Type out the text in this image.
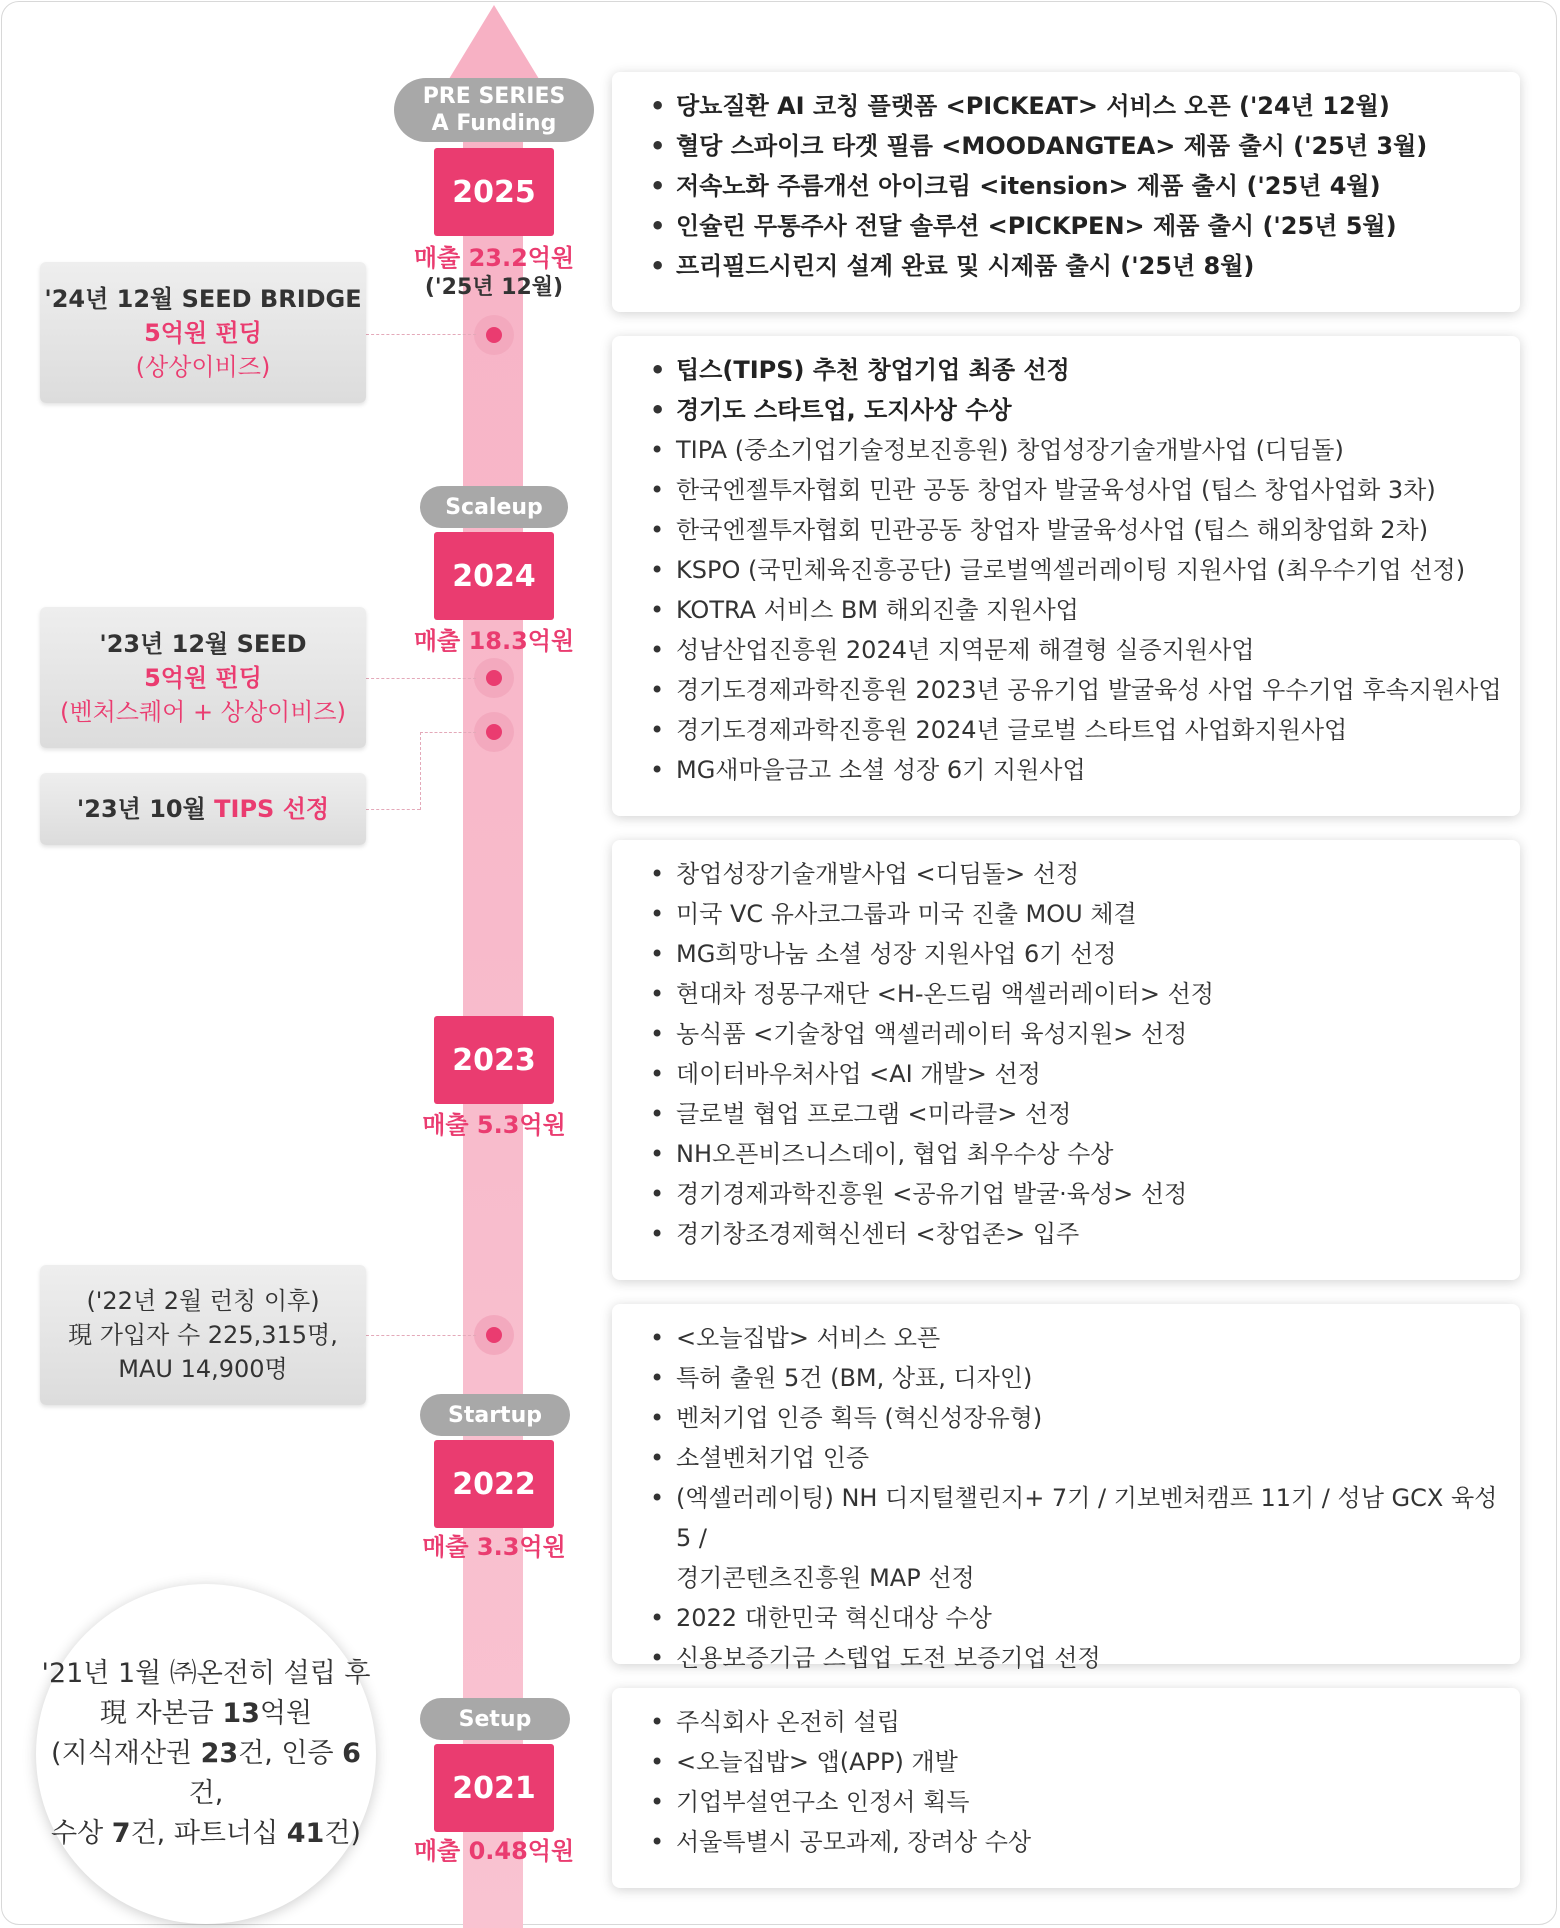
PRE SERIES
A Funding
Scaleup
Startup
Setup
2025
매출 23.2억원
('25년 12월)
2024
매출 18.3억원
2023
매출 5.3억원
2022
매출 3.3억원
2021
매출 0.48억원
'24년 12월 SEED BRIDGE
5억원 펀딩
(상상이비즈)
'23년 12월 SEED
5억원 펀딩
(벤처스퀘어 + 상상이비즈)
'23년 10월 TIPS 선정
('22년 2월 런칭 이후)
現 가입자 수 225,315명,
MAU 14,900명
'21년 1월 ㈜온전히 설립 후
現 자본금 13억원
(지식재산권 23건, 인증 6건,
수상 7건, 파트너십 41건)
• 당뇨질환 AI 코칭 플랫폼 <PICKEAT> 서비스 오픈 ('24년 12월)
• 혈당 스파이크 타겟 필름 <MOODANGTEA> 제품 출시 ('25년 3월)
• 저속노화 주름개선 아이크림 <itension> 제품 출시 ('25년 4월)
• 인슐린 무통주사 전달 솔루션 <PICKPEN> 제품 출시 ('25년 5월)
• 프리필드시린지 설계 완료 및 시제품 출시 ('25년 8월)
• 팁스(TIPS) 추천 창업기업 최종 선정
• 경기도 스타트업, 도지사상 수상
• TIPA (중소기업기술정보진흥원) 창업성장기술개발사업 (디딤돌)
• 한국엔젤투자협회 민관 공동 창업자 발굴육성사업 (팁스 창업사업화 3차)
• 한국엔젤투자협회 민관공동 창업자 발굴육성사업 (팁스 해외창업화 2차)
• KSPO (국민체육진흥공단) 글로벌엑셀러레이팅 지원사업 (최우수기업 선정)
• KOTRA 서비스 BM 해외진출 지원사업
• 성남산업진흥원 2024년 지역문제 해결형 실증지원사업
• 경기도경제과학진흥원 2023년 공유기업 발굴육성 사업 우수기업 후속지원사업
• 경기도경제과학진흥원 2024년 글로벌 스타트업 사업화지원사업
• MG새마을금고 소셜 성장 6기 지원사업
• 창업성장기술개발사업 <디딤돌> 선정
• 미국 VC 유사코그룹과 미국 진출 MOU 체결
• MG희망나눔 소셜 성장 지원사업 6기 선정
• 현대차 정몽구재단 <H-온드림 액셀러레이터> 선정
• 농식품 <기술창업 액셀러레이터 육성지원> 선정
• 데이터바우처사업 <AI 개발> 선정
• 글로벌 협업 프로그램 <미라클> 선정
• NH오픈비즈니스데이, 협업 최우수상 수상
• 경기경제과학진흥원 <공유기업 발굴·육성> 선정
• 경기창조경제혁신센터 <창업존> 입주
• <오늘집밥> 서비스 오픈
• 특허 출원 5건 (BM, 상표, 디자인)
• 벤처기업 인증 획득 (혁신성장유형)
• 소셜벤처기업 인증
• (엑셀러레이팅) NH 디지털챌린지+ 7기 / 기보벤처캠프 11기 / 성남 GCX 육성 5 /
경기콘텐츠진흥원 MAP 선정
• 2022 대한민국 혁신대상 수상
• 신용보증기금 스텝업 도전 보증기업 선정
• 주식회사 온전히 설립
• <오늘집밥> 앱(APP) 개발
• 기업부설연구소 인정서 획득
• 서울특별시 공모과제, 장려상 수상
